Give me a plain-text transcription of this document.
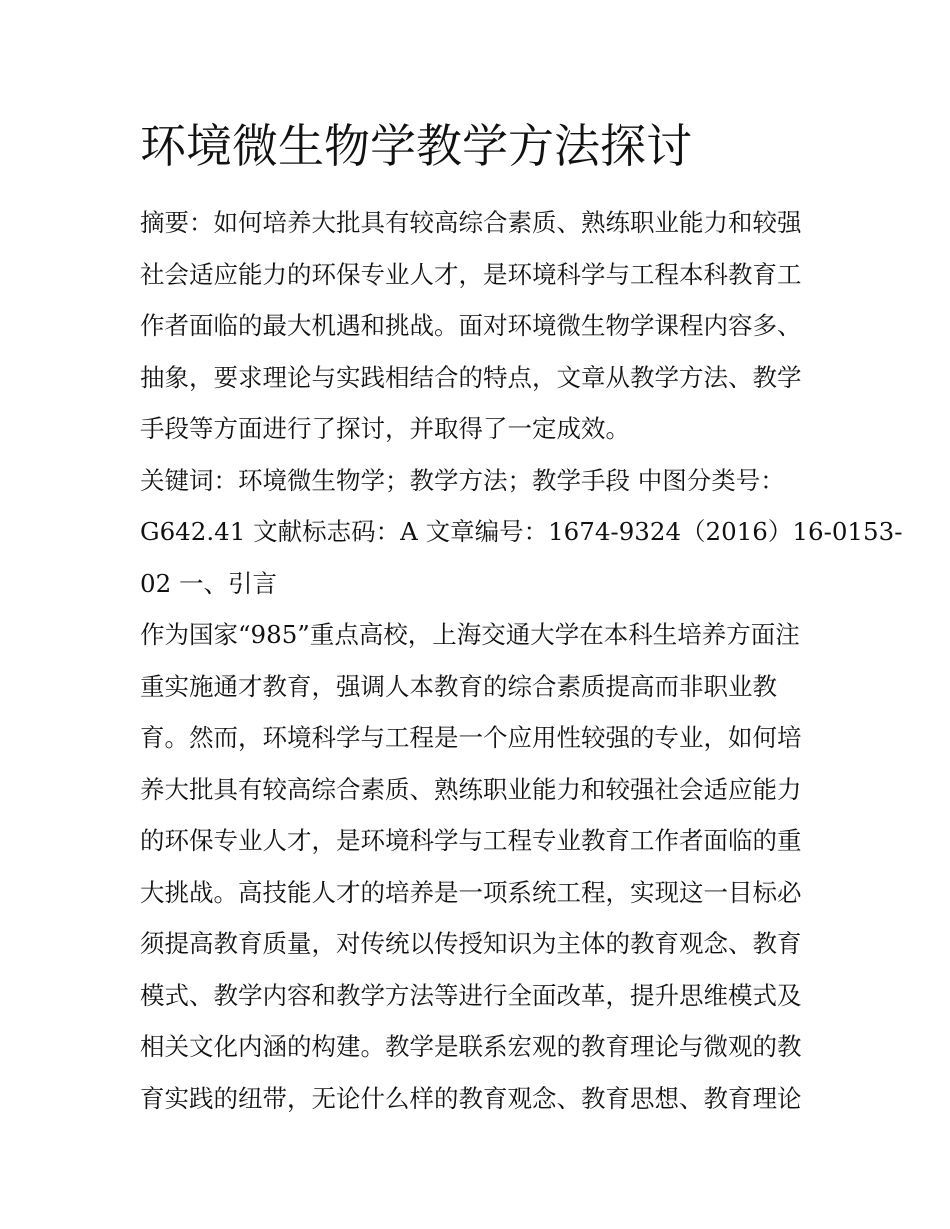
环境微生物学教学方法探讨
摘要：如何培养大批具有较高综合素质、熟练职业能力和较强
社会适应能力的环保专业人才，是环境科学与工程本科教育工
作者面临的最大机遇和挑战。面对环境微生物学课程内容多、
抽象，要求理论与实践相结合的特点，文章从教学方法、教学
手段等方面进行了探讨，并取得了一定成效。
关键词：环境微生物学；教学方法；教学手段 中图分类号：
G642.41 文献标志码：A 文章编号：1674-9324（2016）16-0153-
02 一、引言
作为国家“985”重点高校，上海交通大学在本科生培养方面注
重实施通才教育，强调人本教育的综合素质提高而非职业教
育。然而，环境科学与工程是一个应用性较强的专业，如何培
养大批具有较高综合素质、熟练职业能力和较强社会适应能力
的环保专业人才，是环境科学与工程专业教育工作者面临的重
大挑战。高技能人才的培养是一项系统工程，实现这一目标必
须提高教育质量，对传统以传授知识为主体的教育观念、教育
模式、教学内容和教学方法等进行全面改革，提升思维模式及
相关文化内涵的构建。教学是联系宏观的教育理论与微观的教
育实践的纽带，无论什么样的教育观念、教育思想、教育理论
